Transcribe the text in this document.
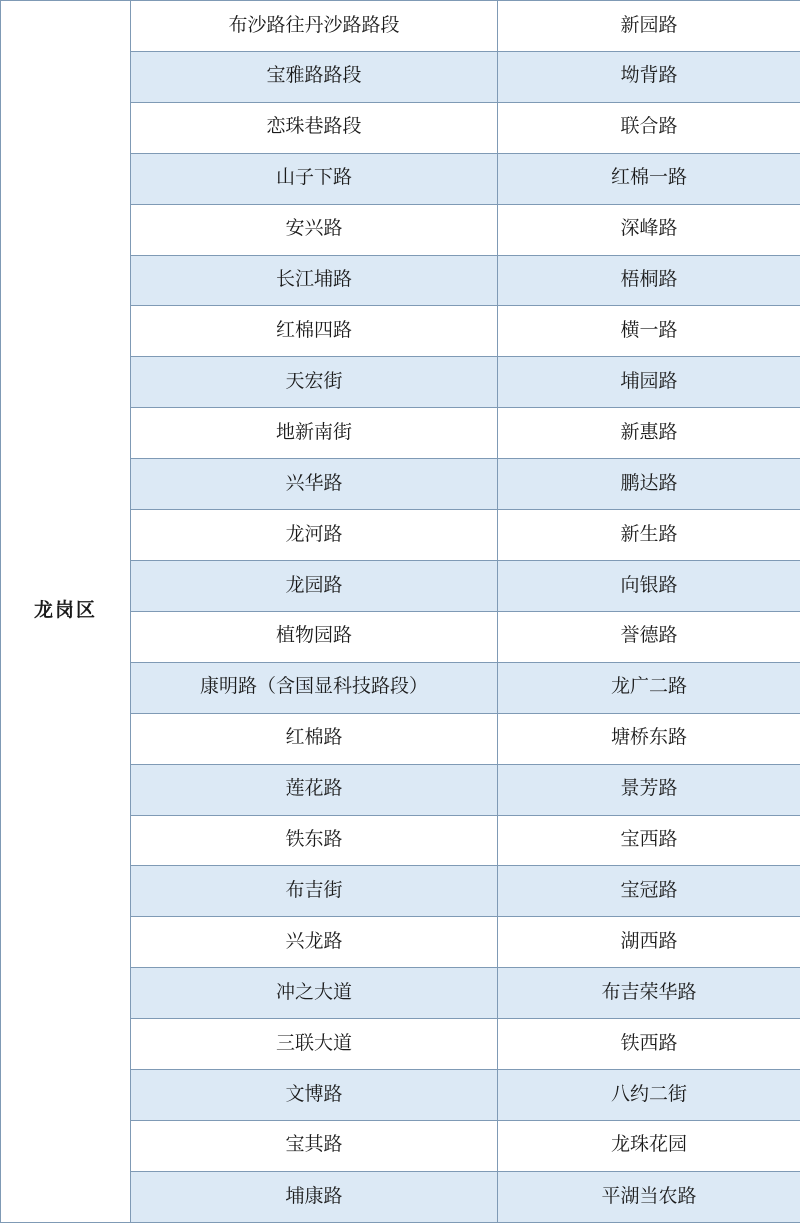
龙岗区	布沙路往丹沙路路段	新园路
	宝雅路路段	坳背路
	恋珠巷路段	联合路
	山子下路	红棉一路
	安兴路	深峰路
	长江埔路	梧桐路
	红棉四路	横一路
	天宏街	埔园路
	地新南街	新惠路
	兴华路	鹏达路
	龙河路	新生路
	龙园路	向银路
	植物园路	誉德路
	康明路（含国显科技路段）	龙广二路
	红棉路	塘桥东路
	莲花路	景芳路
	铁东路	宝西路
	布吉街	宝冠路
	兴龙路	湖西路
	冲之大道	布吉荣华路
	三联大道	铁西路
	文博路	八约二街
	宝其路	龙珠花园
	埔康路	平湖当农路
